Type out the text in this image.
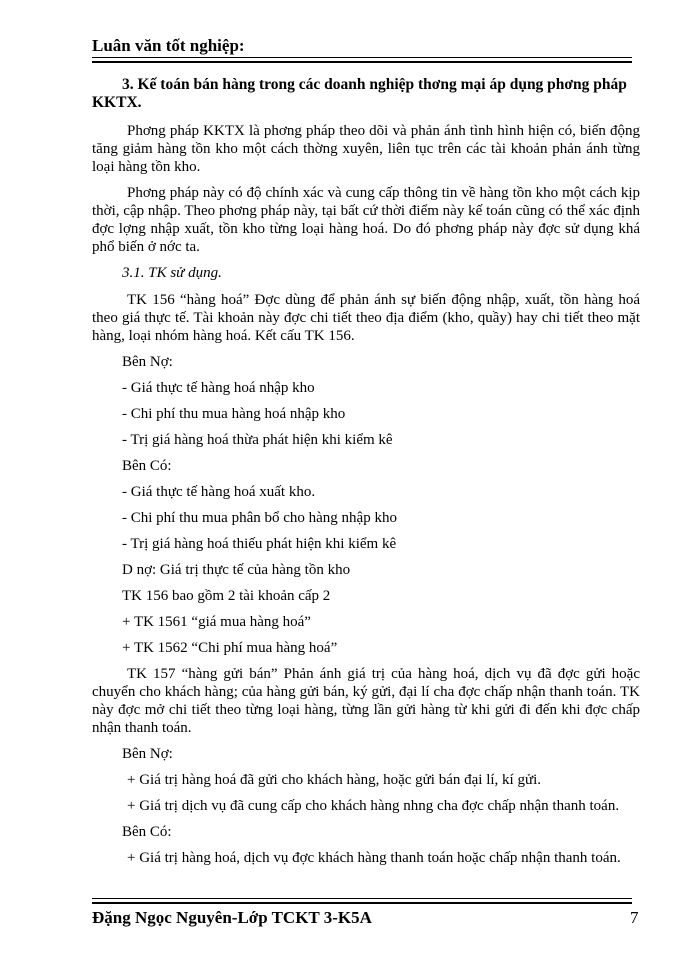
Luân văn tốt nghiệp:

3. Kế toán bán hàng trong các doanh nghiệp thơng mại áp dụng phơng pháp KKTX.

Phơng pháp KKTX là phơng pháp theo dõi và phản ánh tình hình hiện có, biến động tăng giảm hàng tồn kho một cách thờng xuyên, liên tục trên các tài khoản phản ánh từng loại hàng tồn kho.

Phơng pháp này có độ chính xác và cung cấp thông tin về hàng tồn kho một cách kịp thời, cập nhập. Theo phơng pháp này, tại bất cứ thời điểm này kế toán cũng có thể xác định đợc lợng nhập xuất, tồn kho từng loại hàng hoá. Do đó phơng pháp này đợc sử dụng khá phổ biến ở nớc ta.

3.1. TK sử dụng.

TK 156 “hàng hoá” Đợc dùng để phản ánh sự biến động nhập, xuất, tồn hàng hoá theo giá thực tế. Tài khoản này đợc chi tiết theo địa điểm (kho, quầy) hay chi tiết theo mặt hàng, loại nhóm hàng hoá. Kết cấu TK 156.

Bên Nợ:

- Giá thực tế hàng hoá nhập kho

- Chi phí thu mua hàng hoá nhập kho

- Trị giá hàng hoá thừa phát hiện khi kiểm kê

Bên Có:

- Giá thực tế hàng hoá xuất kho.

- Chi phí thu mua phân bổ cho hàng nhập kho

- Trị giá hàng hoá thiếu phát hiện khi kiểm kê

D nợ: Giá trị thực tế của hàng tồn kho

TK 156 bao gồm 2 tài khoản cấp 2

+ TK 1561 “giá mua hàng hoá”

+ TK 1562 “Chi phí mua hàng hoá”

TK 157 “hàng gửi bán” Phản ánh giá trị của hàng hoá, dịch vụ đã đợc gửi hoặc chuyển cho khách hàng; của hàng gửi bán, ký gửi, đại lí cha đợc chấp nhận thanh toán. TK này đợc mở chi tiết theo từng loại hàng, từng lần gửi hàng từ khi gửi đi đến khi đợc chấp nhận thanh toán.

Bên Nợ:

+ Giá trị hàng hoá đã gửi cho khách hàng, hoặc gửi bán đại lí, kí gửi.

+ Giá trị dịch vụ đã cung cấp cho khách hàng nhng cha đợc chấp nhận thanh toán.

Bên Có:

+ Giá trị hàng hoá, dịch vụ đợc khách hàng thanh toán hoặc chấp nhận thanh toán.

Đặng Ngọc Nguyên-Lớp TCKT 3-K5A	7
